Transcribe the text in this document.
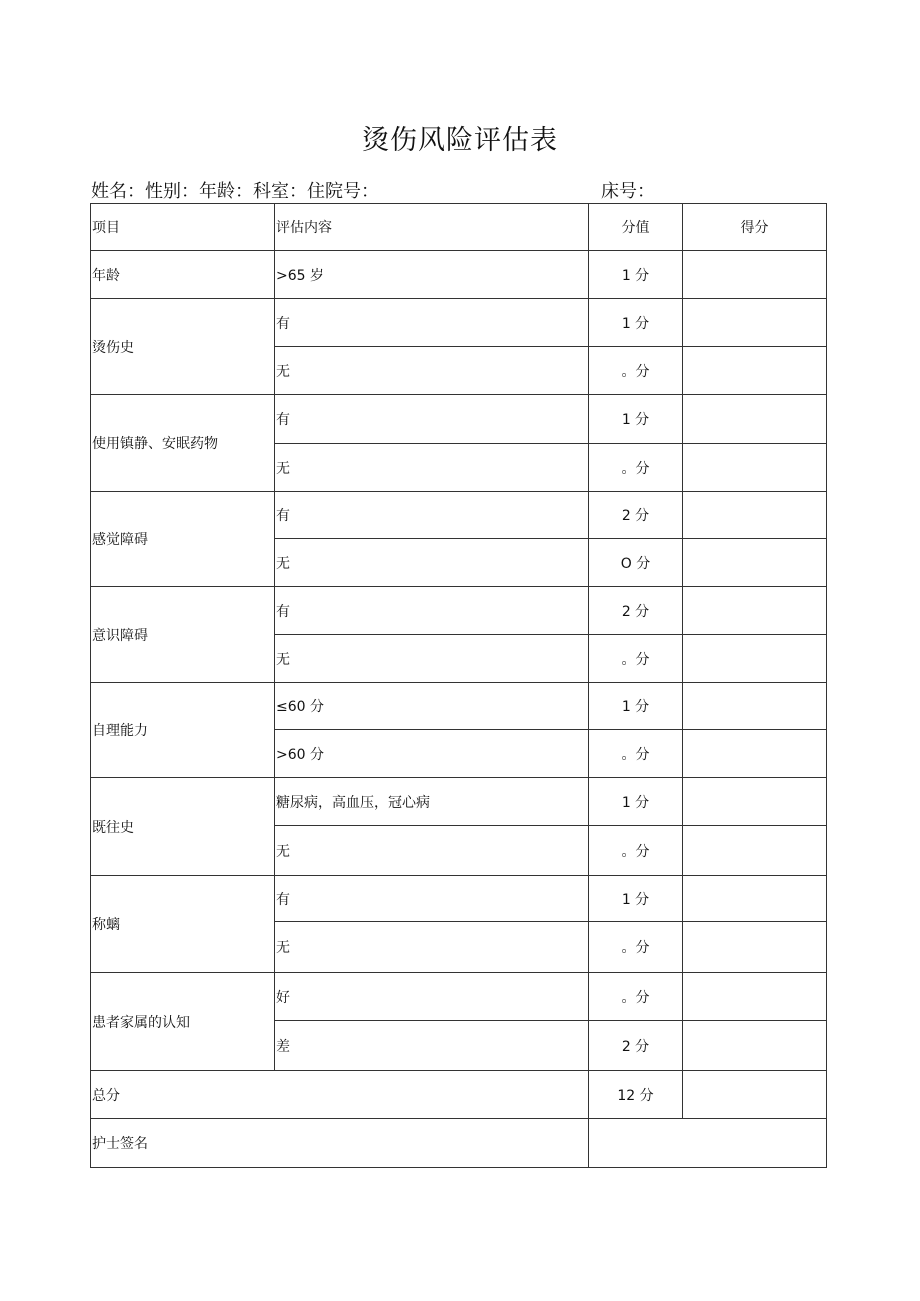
烫伤风险评估表
姓名：性别：年龄：科室：住院号：	床号：
项目	评估内容	分值	得分
年龄	>65 岁	1 分	
烫伤史	有	1 分	
	无	。分	
使用镇静、安眠药物	有	1 分	
	无	。分	
感觉障碍	有	2 分	
	无	O 分	
意识障碍	有	2 分	
	无	。分	
自理能力	≤60 分	1 分	
	>60 分	。分	
既往史	糖尿病，高血压，冠心病	1 分	
	无	。分	
称螭	有	1 分	
	无	。分	
患者家属的认知	好	。分	
	差	2 分	
总分		12 分	
护士签名			
